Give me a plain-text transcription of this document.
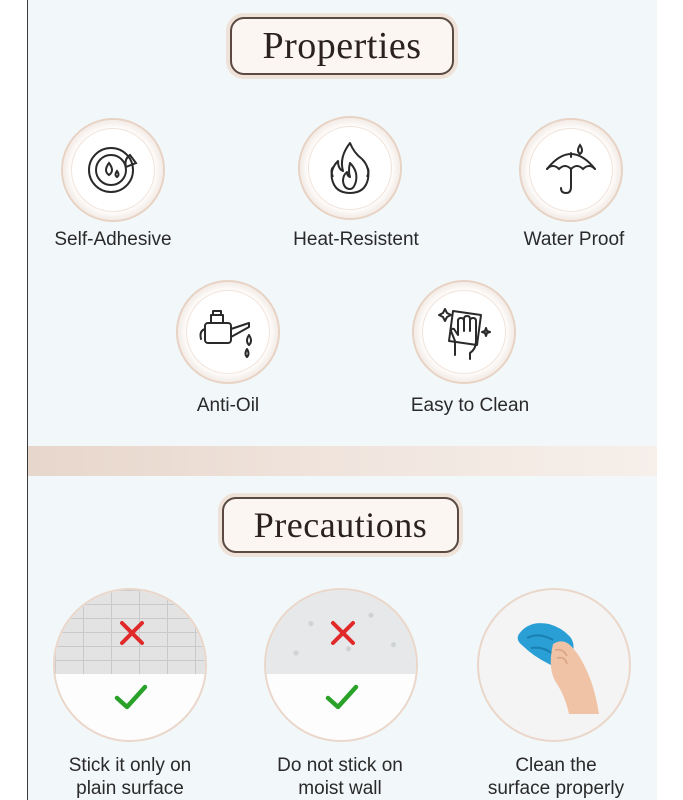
Properties
Self-Adhesive	Heat-Resistent	Water Proof
Anti-Oil	Easy to Clean
Precautions
Stick it only on
plain surface
Do not stick on
moist wall
Clean the
surface properly
